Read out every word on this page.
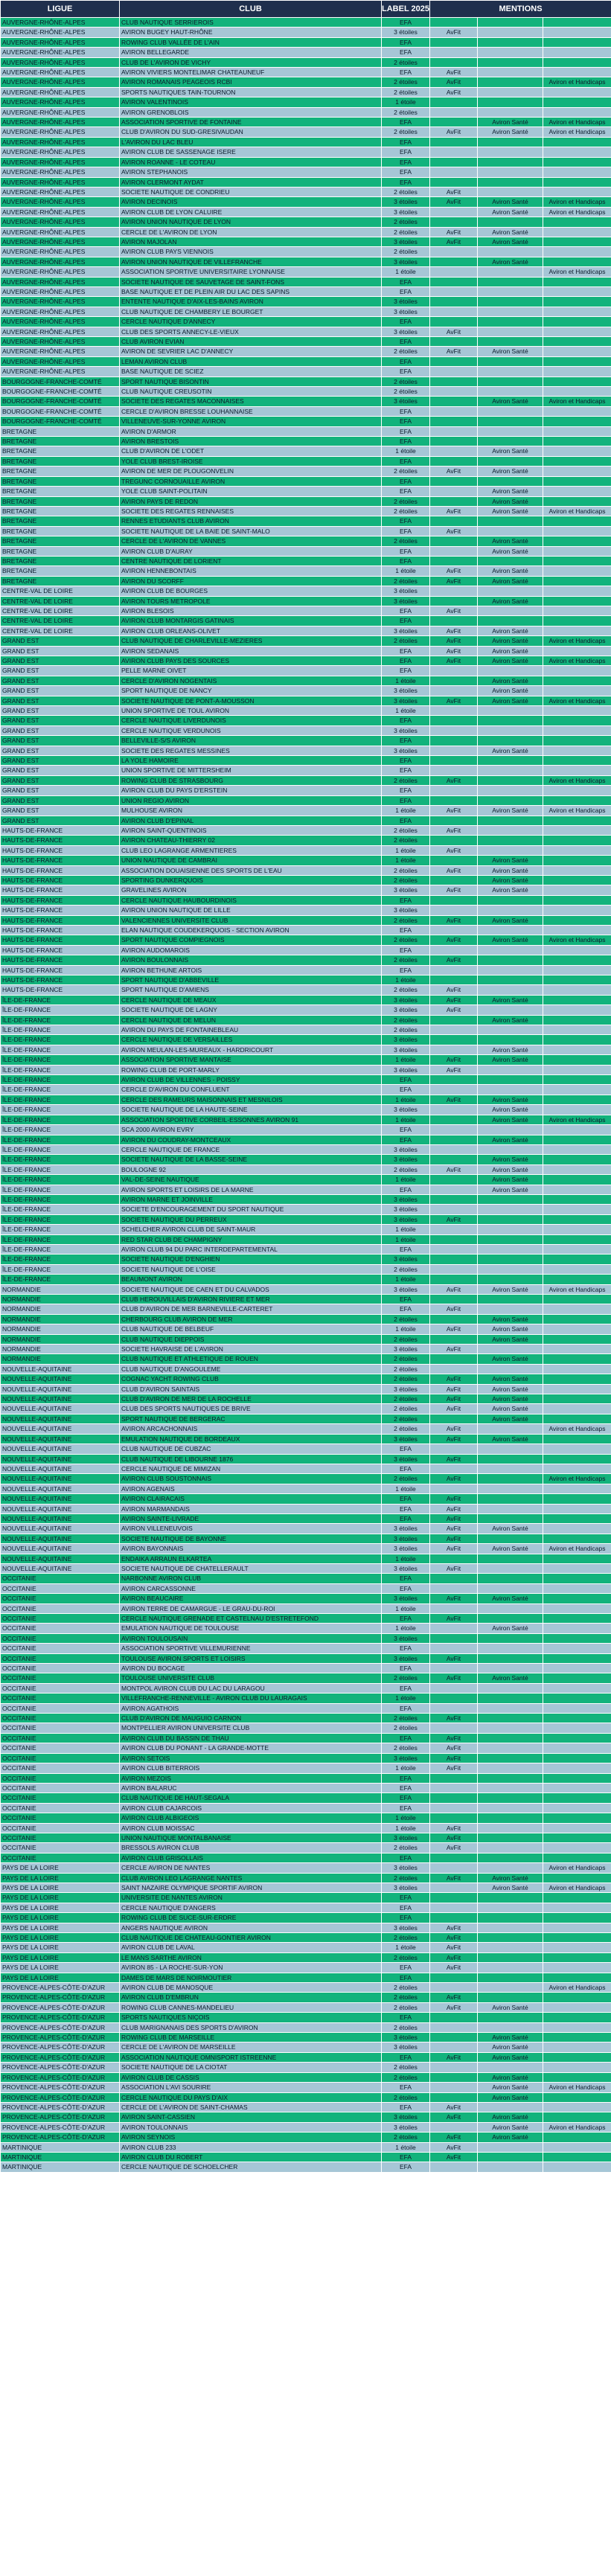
LIGUE	CLUB	LABEL 2025	MENTIONS		
AUVERGNE-RHÔNE-ALPES	CLUB NAUTIQUE SERRIEROIS	EFA			
AUVERGNE-RHÔNE-ALPES	AVIRON BUGEY HAUT-RHÔNE	3 étoiles	AvFit		
AUVERGNE-RHÔNE-ALPES	ROWING CLUB VALLÉE DE L'AIN	EFA			
AUVERGNE-RHÔNE-ALPES	AVIRON BELLEGARDE	EFA			
AUVERGNE-RHÔNE-ALPES	CLUB DE L'AVIRON DE VICHY	2 étoiles			
AUVERGNE-RHÔNE-ALPES	AVIRON VIVIERS MONTELIMAR CHATEAUNEUF	EFA	AvFit		
AUVERGNE-RHÔNE-ALPES	AVIRON ROMANAIS PEAGEOIS RCBI	2 étoiles	AvFit		Aviron et Handicaps
AUVERGNE-RHÔNE-ALPES	SPORTS NAUTIQUES TAIN-TOURNON	2 étoiles	AvFit		
AUVERGNE-RHÔNE-ALPES	AVIRON VALENTINOIS	1 étoile			
AUVERGNE-RHÔNE-ALPES	AVIRON GRENOBLOIS	2 étoiles			
AUVERGNE-RHÔNE-ALPES	ASSOCIATION SPORTIVE DE FONTAINE	EFA		Aviron Santé	Aviron et Handicaps
AUVERGNE-RHÔNE-ALPES	CLUB D'AVIRON DU SUD-GRESIVAUDAN	2 étoiles	AvFit	Aviron Santé	Aviron et Handicaps
AUVERGNE-RHÔNE-ALPES	L'AVIRON DU LAC BLEU	EFA			
AUVERGNE-RHÔNE-ALPES	AVIRON CLUB DE SASSENAGE ISERE	EFA			
AUVERGNE-RHÔNE-ALPES	AVIRON ROANNE - LE COTEAU	EFA			
AUVERGNE-RHÔNE-ALPES	AVIRON STEPHANOIS	EFA			
AUVERGNE-RHÔNE-ALPES	AVIRON CLERMONT AYDAT	EFA			
AUVERGNE-RHÔNE-ALPES	SOCIETE NAUTIQUE DE CONDRIEU	2 étoiles	AvFit		
AUVERGNE-RHÔNE-ALPES	AVIRON DECINOIS	3 étoiles	AvFit	Aviron Santé	Aviron et Handicaps
AUVERGNE-RHÔNE-ALPES	AVIRON CLUB DE LYON CALUIRE	3 étoiles		Aviron Santé	Aviron et Handicaps
AUVERGNE-RHÔNE-ALPES	AVIRON UNION NAUTIQUE DE LYON	2 étoiles			
AUVERGNE-RHÔNE-ALPES	CERCLE DE L'AVIRON DE LYON	2 étoiles	AvFit	Aviron Santé	
AUVERGNE-RHÔNE-ALPES	AVIRON MAJOLAN	3 étoiles	AvFit	Aviron Santé	
AUVERGNE-RHÔNE-ALPES	AVIRON CLUB PAYS VIENNOIS	2 étoiles			
AUVERGNE-RHÔNE-ALPES	AVIRON UNION NAUTIQUE DE VILLEFRANCHE	3 étoiles		Aviron Santé	
AUVERGNE-RHÔNE-ALPES	ASSOCIATION SPORTIVE UNIVERSITAIRE LYONNAISE	1 étoile			Aviron et Handicaps
AUVERGNE-RHÔNE-ALPES	SOCIETE NAUTIQUE DE SAUVETAGE DE SAINT-FONS	EFA			
AUVERGNE-RHÔNE-ALPES	BASE NAUTIQUE ET DE PLEIN AIR DU LAC DES SAPINS	EFA			
AUVERGNE-RHÔNE-ALPES	ENTENTE NAUTIQUE D'AIX-LES-BAINS AVIRON	3 étoiles			
AUVERGNE-RHÔNE-ALPES	CLUB NAUTIQUE DE CHAMBERY LE BOURGET	3 étoiles			
AUVERGNE-RHÔNE-ALPES	CERCLE NAUTIQUE D'ANNECY	EFA			
AUVERGNE-RHÔNE-ALPES	CLUB DES SPORTS ANNECY-LE-VIEUX	3 étoiles	AvFit		
AUVERGNE-RHÔNE-ALPES	CLUB AVIRON EVIAN	EFA			
AUVERGNE-RHÔNE-ALPES	AVIRON DE SEVRIER LAC D'ANNECY	2 étoiles	AvFit	Aviron Santé	
AUVERGNE-RHÔNE-ALPES	LEMAN AVIRON CLUB	EFA			
AUVERGNE-RHÔNE-ALPES	BASE NAUTIQUE DE SCIEZ	EFA			
BOURGOGNE-FRANCHE-COMTÉ	SPORT NAUTIQUE BISONTIN	2 étoiles			
BOURGOGNE-FRANCHE-COMTÉ	CLUB NAUTIQUE CREUSOTIN	2 étoiles			
BOURGOGNE-FRANCHE-COMTÉ	SOCIETE DES REGATES MACONNAISES	3 étoiles		Aviron Santé	Aviron et Handicaps
BOURGOGNE-FRANCHE-COMTÉ	CERCLE D'AVIRON BRESSE LOUHANNAISE	EFA			
BOURGOGNE-FRANCHE-COMTÉ	VILLENEUVE-SUR-YONNE AVIRON	EFA			
BRETAGNE	AVIRON D'ARMOR	EFA			
BRETAGNE	AVIRON BRESTOIS	EFA			
BRETAGNE	CLUB D'AVIRON DE L'ODET	1 étoile		Aviron Santé	
BRETAGNE	YOLE CLUB BREST-IROISE	EFA			
BRETAGNE	AVIRON DE MER DE PLOUGONVELIN	2 étoiles	AvFit	Aviron Santé	
BRETAGNE	TREGUNC CORNOUAILLE AVIRON	EFA			
BRETAGNE	YOLE CLUB SAINT-POLITAIN	EFA		Aviron Santé	
BRETAGNE	AVIRON PAYS DE REDON	2 étoiles		Aviron Santé	
BRETAGNE	SOCIETE DES REGATES RENNAISES	2 étoiles	AvFit	Aviron Santé	Aviron et Handicaps
BRETAGNE	RENNES ETUDIANTS CLUB AVIRON	EFA			
BRETAGNE	SOCIETE NAUTIQUE DE LA BAIE DE SAINT-MALO	EFA	AvFit		
BRETAGNE	CERCLE DE L'AVIRON DE VANNES	2 étoiles		Aviron Santé	
BRETAGNE	AVIRON CLUB D'AURAY	EFA		Aviron Santé	
BRETAGNE	CENTRE NAUTIQUE DE LORIENT	EFA			
BRETAGNE	AVIRON HENNEBONTAIS	1 étoile	AvFit	Aviron Santé	
BRETAGNE	AVIRON DU SCORFF	2 étoiles	AvFit	Aviron Santé	
CENTRE-VAL DE LOIRE	AVIRON CLUB DE BOURGES	3 étoiles			
CENTRE-VAL DE LOIRE	AVIRON TOURS METROPOLE	3 étoiles		Aviron Santé	
CENTRE-VAL DE LOIRE	AVIRON BLESOIS	EFA	AvFit		
CENTRE-VAL DE LOIRE	AVIRON CLUB MONTARGIS GATINAIS	EFA			
CENTRE-VAL DE LOIRE	AVIRON CLUB ORLEANS-OLIVET	3 étoiles	AvFit	Aviron Santé	
GRAND EST	CLUB NAUTIQUE DE CHARLEVILLE-MEZIERES	2 étoiles	AvFit	Aviron Santé	Aviron et Handicaps
GRAND EST	AVIRON SEDANAIS	EFA	AvFit	Aviron Santé	
GRAND EST	AVIRON CLUB PAYS DES SOURCES	EFA	AvFit	Aviron Santé	Aviron et Handicaps
GRAND EST	PELLE MARNE OIVET	EFA			
GRAND EST	CERCLE D'AVIRON NOGENTAIS	1 étoile		Aviron Santé	
GRAND EST	SPORT NAUTIQUE DE NANCY	3 étoiles		Aviron Santé	
GRAND EST	SOCIETE NAUTIQUE DE PONT-A-MOUSSON	3 étoiles	AvFit	Aviron Santé	Aviron et Handicaps
GRAND EST	UNION SPORTIVE DE TOUL AVIRON	1 étoile			
GRAND EST	CERCLE NAUTIQUE LIVERDUNOIS	EFA			
GRAND EST	CERCLE NAUTIQUE VERDUNOIS	3 étoiles			
GRAND EST	BELLEVILLE-S/S AVIRON	EFA			
GRAND EST	SOCIETE DES REGATES MESSINES	3 étoiles		Aviron Santé	
GRAND EST	LA YOLE HAMOIRE	EFA			
GRAND EST	UNION SPORTIVE DE MITTERSHEIM	EFA			
GRAND EST	ROWING CLUB DE STRASBOURG	2 étoiles	AvFit		Aviron et Handicaps
GRAND EST	AVIRON CLUB DU PAYS D'ERSTEIN	EFA			
GRAND EST	UNION REGIO AVIRON	EFA			
GRAND EST	MULHOUSE AVIRON	1 étoile	AvFit	Aviron Santé	Aviron et Handicaps
GRAND EST	AVIRON CLUB D'EPINAL	EFA			
HAUTS-DE-FRANCE	AVIRON SAINT-QUENTINOIS	2 étoiles	AvFit		
HAUTS-DE-FRANCE	AVIRON CHATEAU-THIERRY 02	2 étoiles			
HAUTS-DE-FRANCE	CLUB LEO LAGRANGE ARMENTIERES	1 étoile	AvFit		
HAUTS-DE-FRANCE	UNION NAUTIQUE DE CAMBRAI	1 étoile		Aviron Santé	
HAUTS-DE-FRANCE	ASSOCIATION DOUAISIENNE DES SPORTS DE L'EAU	2 étoiles	AvFit	Aviron Santé	
HAUTS-DE-FRANCE	SPORTING DUNKERQUOIS	2 étoiles		Aviron Santé	
HAUTS-DE-FRANCE	GRAVELINES AVIRON	3 étoiles	AvFit	Aviron Santé	
HAUTS-DE-FRANCE	CERCLE NAUTIQUE HAUBOURDINOIS	EFA			
HAUTS-DE-FRANCE	AVIRON UNION NAUTIQUE DE LILLE	3 étoiles			
HAUTS-DE-FRANCE	VALENCIENNES UNIVERSITE CLUB	2 étoiles	AvFit	Aviron Santé	
HAUTS-DE-FRANCE	ELAN NAUTIQUE COUDEKERQUOIS - SECTION AVIRON	EFA			
HAUTS-DE-FRANCE	SPORT NAUTIQUE COMPIEGNOIS	2 étoiles	AvFit	Aviron Santé	Aviron et Handicaps
HAUTS-DE-FRANCE	AVIRON AUDOMAROIS	EFA			
HAUTS-DE-FRANCE	AVIRON BOULONNAIS	2 étoiles	AvFit		
HAUTS-DE-FRANCE	AVIRON BETHUNE ARTOIS	EFA			
HAUTS-DE-FRANCE	SPORT NAUTIQUE D'ABBEVILLE	1 étoile			
HAUTS-DE-FRANCE	SPORT NAUTIQUE D'AMIENS	2 étoiles	AvFit		
ÎLE-DE-FRANCE	CERCLE NAUTIQUE DE MEAUX	3 étoiles	AvFit	Aviron Santé	
ÎLE-DE-FRANCE	SOCIETE NAUTIQUE DE LAGNY	3 étoiles	AvFit		
ÎLE-DE-FRANCE	CERCLE NAUTIQUE DE MELUN	2 étoiles		Aviron Santé	
ÎLE-DE-FRANCE	AVIRON DU PAYS DE FONTAINEBLEAU	2 étoiles			
ÎLE-DE-FRANCE	CERCLE NAUTIQUE DE VERSAILLES	3 étoiles			
ÎLE-DE-FRANCE	AVIRON MEULAN-LES-MUREAUX - HARDRICOURT	3 étoiles		Aviron Santé	
ÎLE-DE-FRANCE	ASSOCIATION SPORTIVE MANTAISE	1 étoile	AvFit	Aviron Santé	
ÎLE-DE-FRANCE	ROWING CLUB DE PORT-MARLY	3 étoiles	AvFit		
ÎLE-DE-FRANCE	AVIRON CLUB DE VILLENNES - POISSY	EFA			
ÎLE-DE-FRANCE	CERCLE D'AVIRON DU CONFLUENT	EFA			
ÎLE-DE-FRANCE	CERCLE DES RAMEURS MAISONNAIS ET MESNILOIS	1 étoile	AvFit	Aviron Santé	
ÎLE-DE-FRANCE	SOCIETE NAUTIQUE DE LA HAUTE-SEINE	3 étoiles		Aviron Santé	
ÎLE-DE-FRANCE	ASSOCIATION SPORTIVE CORBEIL-ESSONNES AVIRON 91	1 étoile		Aviron Santé	Aviron et Handicaps
ÎLE-DE-FRANCE	SCA 2000 AVIRON EVRY	EFA			
ÎLE-DE-FRANCE	AVIRON DU COUDRAY-MONTCEAUX	EFA		Aviron Santé	
ÎLE-DE-FRANCE	CERCLE NAUTIQUE DE FRANCE	3 étoiles			
ÎLE-DE-FRANCE	SOCIETE NAUTIQUE DE LA BASSE-SEINE	3 étoiles		Aviron Santé	
ÎLE-DE-FRANCE	BOULOGNE 92	2 étoiles	AvFit	Aviron Santé	
ÎLE-DE-FRANCE	VAL-DE-SEINE NAUTIQUE	1 étoile		Aviron Santé	
ÎLE-DE-FRANCE	AVIRON SPORTS ET LOISIRS DE LA MARNE	EFA		Aviron Santé	
ÎLE-DE-FRANCE	AVIRON MARNE ET JOINVILLE	3 étoiles			
ÎLE-DE-FRANCE	SOCIETE D'ENCOURAGEMENT DU SPORT NAUTIQUE	3 étoiles			
ÎLE-DE-FRANCE	SOCIETE NAUTIQUE DU PERREUX	3 étoiles	AvFit		
ÎLE-DE-FRANCE	SCHELCHER AVIRON CLUB DE SAINT-MAUR	1 étoile			
ÎLE-DE-FRANCE	RED STAR CLUB DE CHAMPIGNY	1 étoile			
ÎLE-DE-FRANCE	AVIRON CLUB 94 DU PARC INTERDEPARTEMENTAL	EFA			
ÎLE-DE-FRANCE	SOCIETE NAUTIQUE D'ENGHIEN	3 étoiles			
ÎLE-DE-FRANCE	SOCIETE NAUTIQUE DE L'OISE	2 étoiles			
ÎLE-DE-FRANCE	BEAUMONT AVIRON	1 étoile			
NORMANDIE	SOCIETE NAUTIQUE DE CAEN ET DU CALVADOS	3 étoiles	AvFit	Aviron Santé	Aviron et Handicaps
NORMANDIE	CLUB HEROUVILLAIS D'AVIRON RIVIERE ET MER	EFA			
NORMANDIE	CLUB D'AVIRON DE MER BARNEVILLE-CARTERET	EFA	AvFit		
NORMANDIE	CHERBOURG CLUB AVIRON DE MER	2 étoiles		Aviron Santé	
NORMANDIE	CLUB NAUTIQUE DE BELBEUF	1 étoile	AvFit	Aviron Santé	
NORMANDIE	CLUB NAUTIQUE DIEPPOIS	2 étoiles		Aviron Santé	
NORMANDIE	SOCIETE HAVRAISE DE L'AVIRON	3 étoiles	AvFit		
NORMANDIE	CLUB NAUTIQUE ET ATHLETIQUE DE ROUEN	2 étoiles		Aviron Santé	
NOUVELLE-AQUITAINE	CLUB NAUTIQUE D'ANGOULEME	2 étoiles			
NOUVELLE-AQUITAINE	COGNAC YACHT ROWING CLUB	2 étoiles	AvFit	Aviron Santé	
NOUVELLE-AQUITAINE	CLUB D'AVIRON SAINTAIS	3 étoiles	AvFit	Aviron Santé	
NOUVELLE-AQUITAINE	CLUB D'AVIRON DE MER DE LA ROCHELLE	2 étoiles	AvFit	Aviron Santé	
NOUVELLE-AQUITAINE	CLUB DES SPORTS NAUTIQUES DE BRIVE	2 étoiles	AvFit	Aviron Santé	
NOUVELLE-AQUITAINE	SPORT NAUTIQUE DE BERGERAC	2 étoiles		Aviron Santé	
NOUVELLE-AQUITAINE	AVIRON ARCACHONNAIS	2 étoiles	AvFit		Aviron et Handicaps
NOUVELLE-AQUITAINE	EMULATION NAUTIQUE DE BORDEAUX	3 étoiles	AvFit	Aviron Santé	
NOUVELLE-AQUITAINE	CLUB NAUTIQUE DE CUBZAC	EFA			
NOUVELLE-AQUITAINE	CLUB NAUTIQUE DE LIBOURNE 1876	3 étoiles	AvFit		
NOUVELLE-AQUITAINE	CERCLE NAUTIQUE DE MIMIZAN	EFA			
NOUVELLE-AQUITAINE	AVIRON CLUB SOUSTONNAIS	2 étoiles	AvFit		Aviron et Handicaps
NOUVELLE-AQUITAINE	AVIRON AGENAIS	1 étoile			
NOUVELLE-AQUITAINE	AVIRON CLAIRACAIS	EFA	AvFit		
NOUVELLE-AQUITAINE	AVIRON MARMANDAIS	EFA	AvFit		
NOUVELLE-AQUITAINE	AVIRON SAINTE-LIVRADE	EFA	AvFit		
NOUVELLE-AQUITAINE	AVIRON VILLENEUVOIS	3 étoiles	AvFit	Aviron Santé	
NOUVELLE-AQUITAINE	SOCIETE NAUTIQUE DE BAYONNE	3 étoiles	AvFit		
NOUVELLE-AQUITAINE	AVIRON BAYONNAIS	3 étoiles	AvFit	Aviron Santé	Aviron et Handicaps
NOUVELLE-AQUITAINE	ENDAIKA ARRAUN ELKARTEA	1 étoile			
NOUVELLE-AQUITAINE	SOCIETE NAUTIQUE DE CHATELLERAULT	3 étoiles	AvFit		
OCCITANIE	NARBONNE AVIRON CLUB	EFA			
OCCITANIE	AVIRON CARCASSONNE	EFA			
OCCITANIE	AVIRON BEAUCAIRE	3 étoiles	AvFit	Aviron Santé	
OCCITANIE	AVIRON TERRE DE CAMARGUE - LE GRAU-DU-ROI	1 étoile			
OCCITANIE	CERCLE NAUTIQUE GRENADE ET CASTELNAU D'ESTRETEFOND	EFA	AvFit		
OCCITANIE	EMULATION NAUTIQUE DE TOULOUSE	1 étoile		Aviron Santé	
OCCITANIE	AVIRON TOULOUSAIN	3 étoiles			
OCCITANIE	ASSOCIATION SPORTIVE VILLEMURIENNE	EFA			
OCCITANIE	TOULOUSE AVIRON SPORTS ET LOISIRS	3 étoiles	AvFit		
OCCITANIE	AVIRON DU BOCAGE	EFA			
OCCITANIE	TOULOUSE UNIVERSITE CLUB	2 étoiles	AvFit	Aviron Santé	
OCCITANIE	MONTPOL AVIRON CLUB DU LAC DU LARAGOU	EFA			
OCCITANIE	VILLEFRANCHE-RENNEVILLE - AVIRON CLUB DU LAURAGAIS	1 étoile			
OCCITANIE	AVIRON AGATHOIS	EFA			
OCCITANIE	CLUB D'AVIRON DE MAUGUIO CARNON	2 étoiles	AvFit		
OCCITANIE	MONTPELLIER AVIRON UNIVERSITE CLUB	2 étoiles			
OCCITANIE	AVIRON CLUB DU BASSIN DE THAU	EFA	AvFit		
OCCITANIE	AVIRON CLUB DU PONANT - LA GRANDE-MOTTE	2 étoiles	AvFit		
OCCITANIE	AVIRON SETOIS	3 étoiles	AvFit		
OCCITANIE	AVIRON CLUB BITERROIS	1 étoile	AvFit		
OCCITANIE	AVIRON MEZOIS	EFA			
OCCITANIE	AVIRON BALARUC	EFA			
OCCITANIE	CLUB NAUTIQUE DE HAUT-SEGALA	EFA			
OCCITANIE	AVIRON CLUB CAJARCOIS	EFA			
OCCITANIE	AVIRON CLUB ALBIGEOIS	1 étoile			
OCCITANIE	AVIRON CLUB MOISSAC	1 étoile	AvFit		
OCCITANIE	UNION NAUTIQUE MONTALBANAISE	3 étoiles	AvFit		
OCCITANIE	BRESSOLS AVIRON CLUB	2 étoiles	AvFit		
OCCITANIE	AVIRON CLUB GRISOLLAIS	EFA			
PAYS DE LA LOIRE	CERCLE AVIRON DE NANTES	3 étoiles			Aviron et Handicaps
PAYS DE LA LOIRE	CLUB AVIRON LEO LAGRANGE NANTES	2 étoiles	AvFit	Aviron Santé	
PAYS DE LA LOIRE	SAINT NAZAIRE OLYMPIQUE SPORTIF AVIRON	3 étoiles		Aviron Santé	Aviron et Handicaps
PAYS DE LA LOIRE	UNIVERSITE DE NANTES AVIRON	EFA			
PAYS DE LA LOIRE	CERCLE NAUTIQUE D'ANGERS	EFA			
PAYS DE LA LOIRE	ROWING CLUB DE SUCE-SUR-ERDRE	EFA			
PAYS DE LA LOIRE	ANGERS NAUTIQUE AVIRON	3 étoiles	AvFit		
PAYS DE LA LOIRE	CLUB NAUTIQUE DE CHATEAU-GONTIER AVIRON	2 étoiles	AvFit		
PAYS DE LA LOIRE	AVIRON CLUB DE LAVAL	1 étoile	AvFit		
PAYS DE LA LOIRE	LE MANS SARTHE AVIRON	2 étoiles	AvFit		
PAYS DE LA LOIRE	AVIRON 85 - LA ROCHE-SUR-YON	EFA	AvFit		
PAYS DE LA LOIRE	DAMES DE MARS DE NOIRMOUTIER	EFA			
PROVENCE-ALPES-CÔTE-D'AZUR	AVIRON CLUB DE MANOSQUE	2 étoiles			Aviron et Handicaps
PROVENCE-ALPES-CÔTE-D'AZUR	AVIRON CLUB D'EMBRUN	2 étoiles	AvFit		
PROVENCE-ALPES-CÔTE-D'AZUR	ROWING CLUB CANNES-MANDELIEU	2 étoiles	AvFit	Aviron Santé	
PROVENCE-ALPES-CÔTE-D'AZUR	SPORTS NAUTIQUES NIÇOIS	EFA			
PROVENCE-ALPES-CÔTE-D'AZUR	CLUB MARIGNANAIS DES SPORTS D'AVIRON	2 étoiles			
PROVENCE-ALPES-CÔTE-D'AZUR	ROWING CLUB DE MARSEILLE	3 étoiles		Aviron Santé	
PROVENCE-ALPES-CÔTE-D'AZUR	CERCLE DE L'AVIRON DE MARSEILLE	3 étoiles		Aviron Santé	
PROVENCE-ALPES-CÔTE-D'AZUR	ASSOCIATION NAUTIQUE OMNISPORT ISTREENNE	EFA	AvFit	Aviron Santé	
PROVENCE-ALPES-CÔTE-D'AZUR	SOCIETE NAUTIQUE DE LA CIOTAT	2 étoiles			
PROVENCE-ALPES-CÔTE-D'AZUR	AVIRON CLUB DE CASSIS	2 étoiles		Aviron Santé	
PROVENCE-ALPES-CÔTE-D'AZUR	ASSOCIATION L'AVI SOURIRE	EFA		Aviron Santé	Aviron et Handicaps
PROVENCE-ALPES-CÔTE-D'AZUR	CERCLE NAUTIQUE DU PAYS D'AIX	2 étoiles		Aviron Santé	
PROVENCE-ALPES-CÔTE-D'AZUR	CERCLE DE L'AVIRON DE SAINT-CHAMAS	EFA	AvFit		
PROVENCE-ALPES-CÔTE-D'AZUR	AVIRON SAINT-CASSIEN	3 étoiles	AvFit	Aviron Santé	
PROVENCE-ALPES-CÔTE-D'AZUR	AVIRON TOULONNAIS	3 étoiles		Aviron Santé	Aviron et Handicaps
PROVENCE-ALPES-CÔTE-D'AZUR	AVIRON SEYNOIS	2 étoiles	AvFit	Aviron Santé	
MARTINIQUE	AVIRON CLUB 233	1 étoile	AvFit		
MARTINIQUE	AVIRON CLUB DU ROBERT	EFA	AvFit		
MARTINIQUE	CERCLE NAUTIQUE DE SCHOELCHER	EFA			
